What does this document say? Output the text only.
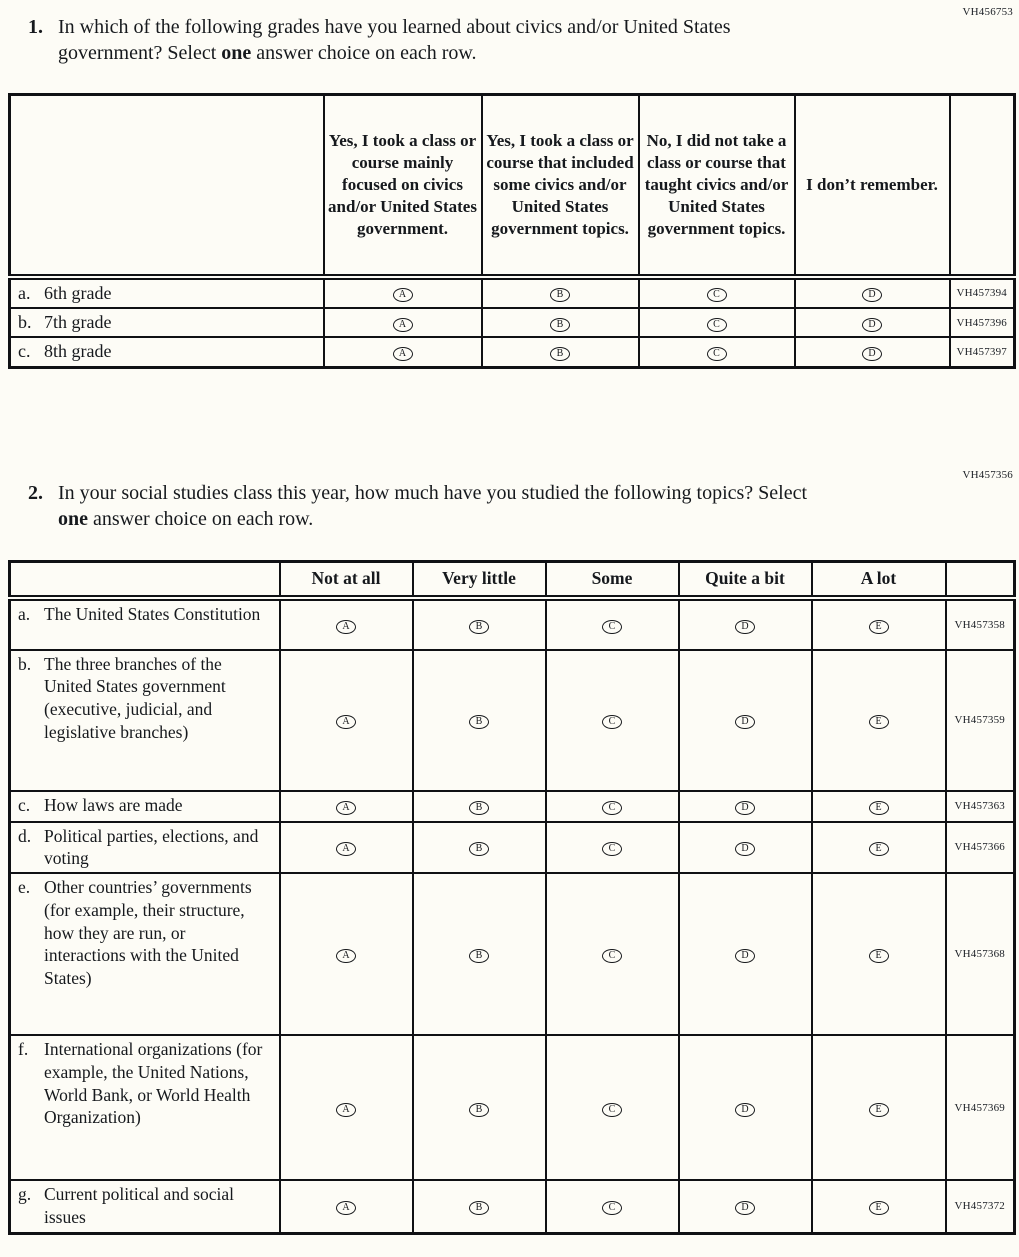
VH456753
1. In which of the following grades have you learned about civics and/or United States government? Select one answer choice on each row.
	Yes, I took a class or course mainly focused on civics and/or United States government.	Yes, I took a class or course that included some civics and/or United States government topics.	No, I did not take a class or course that taught civics and/or United States government topics.	I don’t remember.	

a. 6th grade	A	B	C	D	VH457394

b. 7th grade	A	B	C	D	VH457396

c. 8th grade	A	B	C	D	VH457397
VH457356
2. In your social studies class this year, how much have you studied the following topics? Select one answer choice on each row.
	Not at all	Very little	Some	Quite a bit	A lot	

a. The United States Constitution	A	B	C	D	E	VH457358

b. The three branches of the United States government (executive, judicial, and legislative branches)	A	B	C	D	E	VH457359

c. How laws are made	A	B	C	D	E	VH457363

d. Political parties, elections, and voting	A	B	C	D	E	VH457366

e. Other countries’ governments (for example, their structure, how they are run, or interactions with the United States)	A	B	C	D	E	VH457368

f. International organizations (for example, the United Nations, World Bank, or World Health Organization)	A	B	C	D	E	VH457369

g. Current political and social issues	A	B	C	D	E	VH457372
